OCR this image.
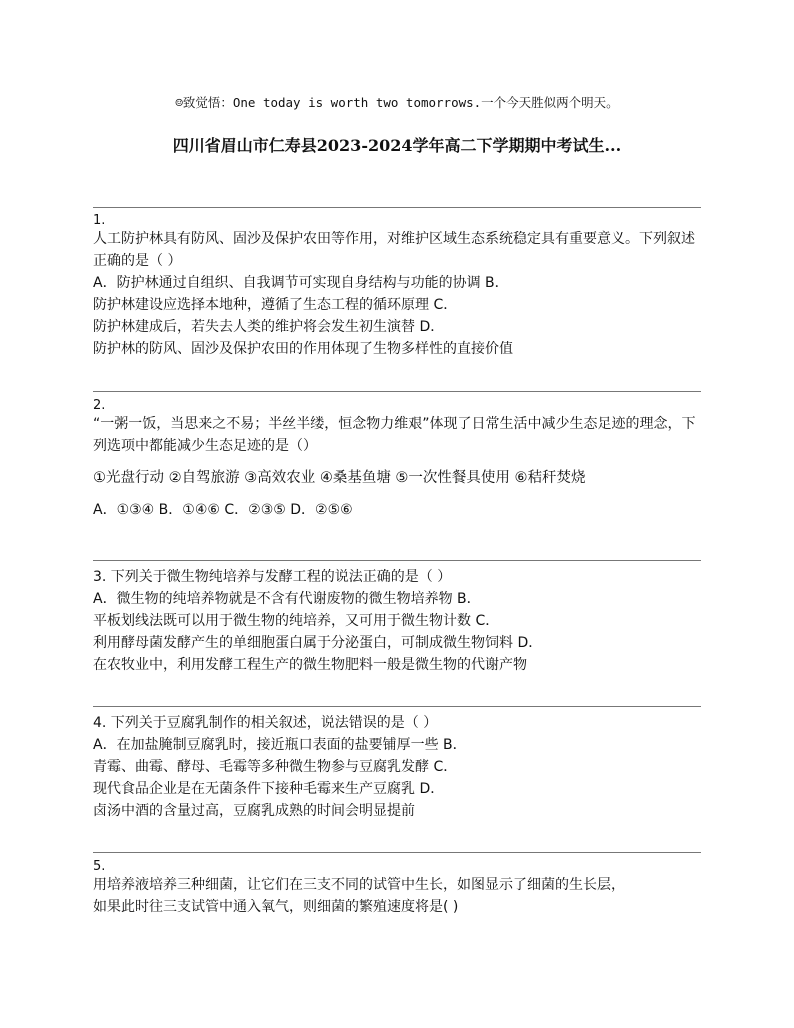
☺致觉悟：One today is worth two tomorrows.一个今天胜似两个明天。
四川省眉山市仁寿县2023-2024学年高二下学期期中考试生...
1.
人工防护林具有防风、固沙及保护农田等作用，对维护区域生态系统稳定具有重要意义。下列叙述正确的是（ ）
A．防护林通过自组织、自我调节可实现自身结构与功能的协调 B．
防护林建设应选择本地种，遵循了生态工程的循环原理 C．
防护林建成后，若失去人类的维护将会发生初生演替 D．
防护林的防风、固沙及保护农田的作用体现了生物多样性的直接价值
2.
“一粥一饭，当思来之不易；半丝半缕，恒念物力维艰”体现了日常生活中减少生态足迹的理念，下列选项中都能减少生态足迹的是（）
①光盘行动 ②自驾旅游 ③高效农业 ④桑基鱼塘 ⑤一次性餐具使用 ⑥秸秆焚烧
A．①③④ B．①④⑥ C．②③⑤ D．②⑤⑥
3. 下列关于微生物纯培养与发酵工程的说法正确的是（ ）
A．微生物的纯培养物就是不含有代谢废物的微生物培养物 B．
平板划线法既可以用于微生物的纯培养，又可用于微生物计数 C．
利用酵母菌发酵产生的单细胞蛋白属于分泌蛋白，可制成微生物饲料 D．
在农牧业中，利用发酵工程生产的微生物肥料一般是微生物的代谢产物
4. 下列关于豆腐乳制作的相关叙述，说法错误的是（ ）
A．在加盐腌制豆腐乳时，接近瓶口表面的盐要铺厚一些 B．
青霉、曲霉、酵母、毛霉等多种微生物参与豆腐乳发酵 C．
现代食品企业是在无菌条件下接种毛霉来生产豆腐乳 D．
卤汤中酒的含量过高，豆腐乳成熟的时间会明显提前
5.
用培养液培养三种细菌，让它们在三支不同的试管中生长，如图显示了细菌的生长层，
如果此时往三支试管中通入氧气，则细菌的繁殖速度将是( )
